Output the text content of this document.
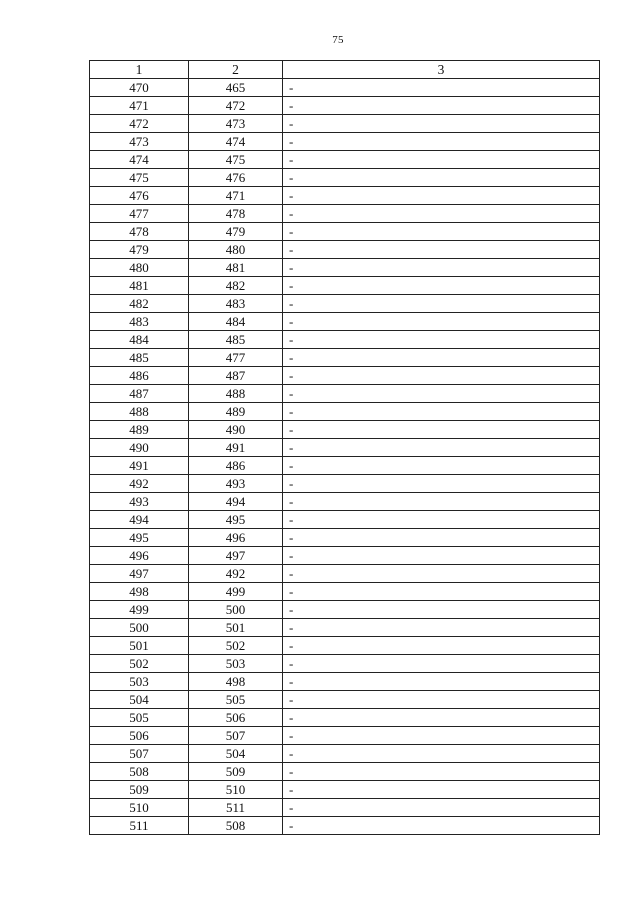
75
1	2	3
470	465	-
471	472	-
472	473	-
473	474	-
474	475	-
475	476	-
476	471	-
477	478	-
478	479	-
479	480	-
480	481	-
481	482	-
482	483	-
483	484	-
484	485	-
485	477	-
486	487	-
487	488	-
488	489	-
489	490	-
490	491	-
491	486	-
492	493	-
493	494	-
494	495	-
495	496	-
496	497	-
497	492	-
498	499	-
499	500	-
500	501	-
501	502	-
502	503	-
503	498	-
504	505	-
505	506	-
506	507	-
507	504	-
508	509	-
509	510	-
510	511	-
511	508	-
